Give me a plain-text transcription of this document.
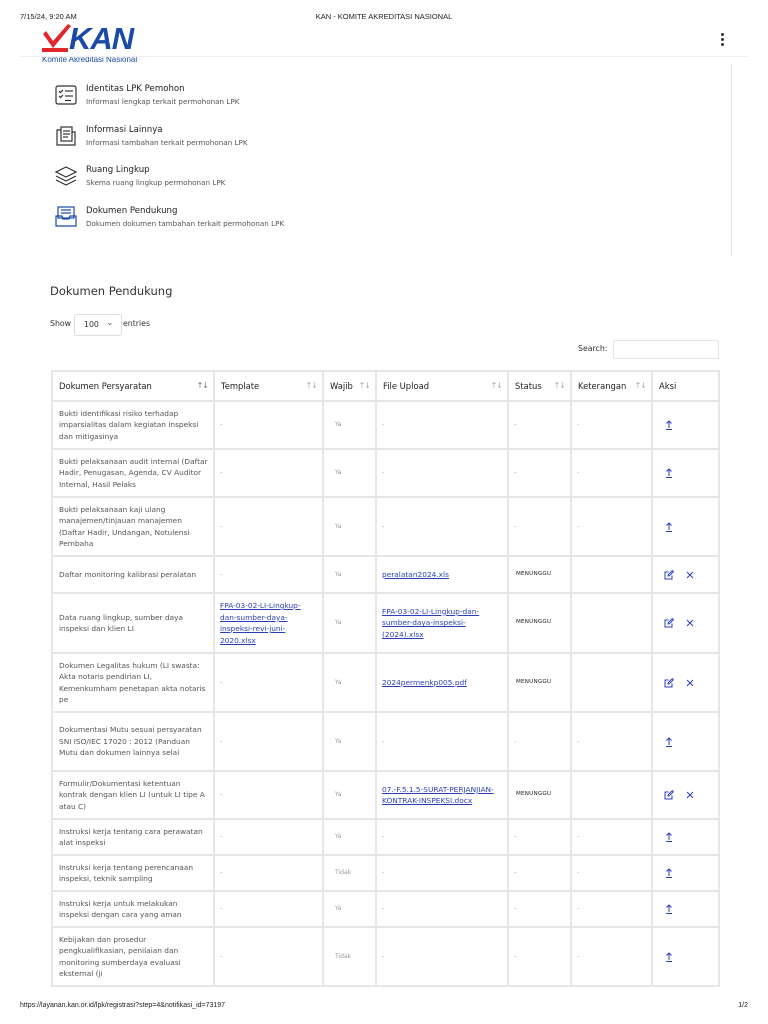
7/15/24, 9:20 AM	KAN - KOMITE AKREDITASI NASIONAL
KAN
Komite Akreditasi Nasional
Identitas LPK Pemohon
Informasi lengkap terkait permohonan LPK
Informasi Lainnya
Informasi tambahan terkait permohonan LPK
Ruang Lingkup
Skema ruang lingkup permohonan LPK
Dokumen Pendukung
Dokumen dokumen tambahan terkait permohonan LPK
Dokumen Pendukung
Show 100 ⌄ entries
Search:
Dokumen Persyaratan ↑↓	Template ↑↓	Wajib ↑↓	File Upload ↑↓	Status ↑↓	Keterangan ↑↓	Aksi
Bukti identifikasi risiko terhadap imparsialitas dalam kegiatan inspeksi dan mitigasinya	-	Ya	-	-	-	

Bukti pelaksanaan audit internal (Daftar Hadir, Penugasan, Agenda, CV Auditor Internal, Hasil Pelaks	-	Ya	-	-	-	

Bukti pelaksanaan kaji ulang manajemen/tinjauan manajemen (Daftar Hadir, Undangan, Notulensi Pembaha	-	Ya	-	-	-	

Daftar monitoring kalibrasi peralatan	-	Ya	peralatan2024.xls	MENUNGGU		

Data ruang lingkup, sumber daya inspeksi dan klien LI	FPA-03-02-LI-Lingkup-dan-sumber-daya-inspeksi-revi-juni-2020.xlsx	Ya	FPA-03-02-LI-Lingkup-dan-sumber-daya-inspeksi-(2024).xlsx	MENUNGGU		

Dokumen Legalitas hukum (LI swasta: Akta notaris pendirian LI, Kemenkumham penetapan akta notaris pe	-	Ya	2024permenkp005.pdf	MENUNGGU		

Dokumentasi Mutu sesuai persyaratan SNI ISO/IEC 17020 : 2012 (Panduan Mutu dan dokumen lainnya selai	-	Ya	-	-	-	

Formulir/Dokumentasi ketentuan kontrak dengan klien LI (untuk LI tipe A atau C)	-	Ya	07.-F.5.1.5-SURAT-PERJANJIAN-KONTRAK-INSPEKSI.docx	MENUNGGU		

Instruksi kerja tentang cara perawatan alat inspeksi	-	Ya	-	-	-	

Instruksi kerja tentang perencanaan inspeksi, teknik sampling	-	Tidak	-	-	-	

Instruksi kerja untuk melakukan inspeksi dengan cara yang aman	-	Ya	-	-	-	

Kebijakan dan prosedur pengkualifikasian, penilaian dan monitoring sumberdaya evaluasi eksternal (ji	-	Tidak	-	-	-	
https://layanan.kan.or.id/lpk/registrasi?step=4&notifikasi_id=73197	1/2
